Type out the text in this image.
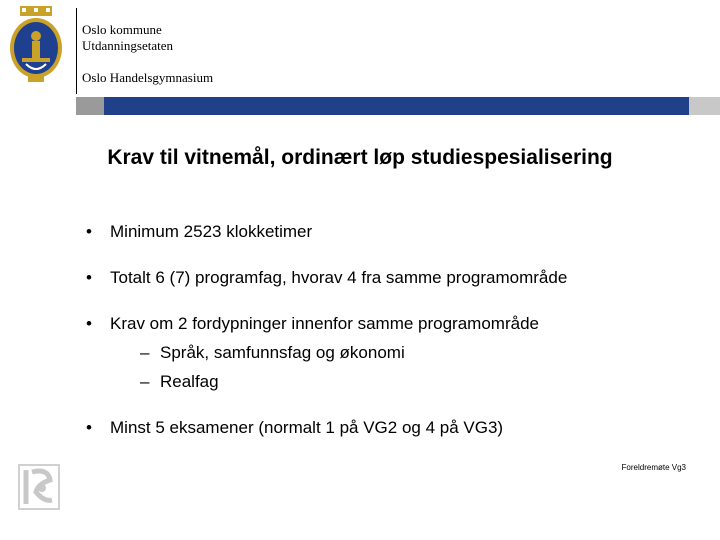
Oslo kommune
Utdanningsetaten
Oslo Handelsgymnasium
Krav til vitnemål, ordinært løp studiespesialisering
• Minimum 2523 klokketimer
• Totalt 6 (7) programfag, hvorav 4 fra samme programområde
• Krav om 2 fordypninger innenfor samme programområde
– Språk, samfunnsfag og økonomi
– Realfag
• Minst 5 eksamener (normalt 1 på VG2 og 4 på VG3)
Foreldremøte Vg3
